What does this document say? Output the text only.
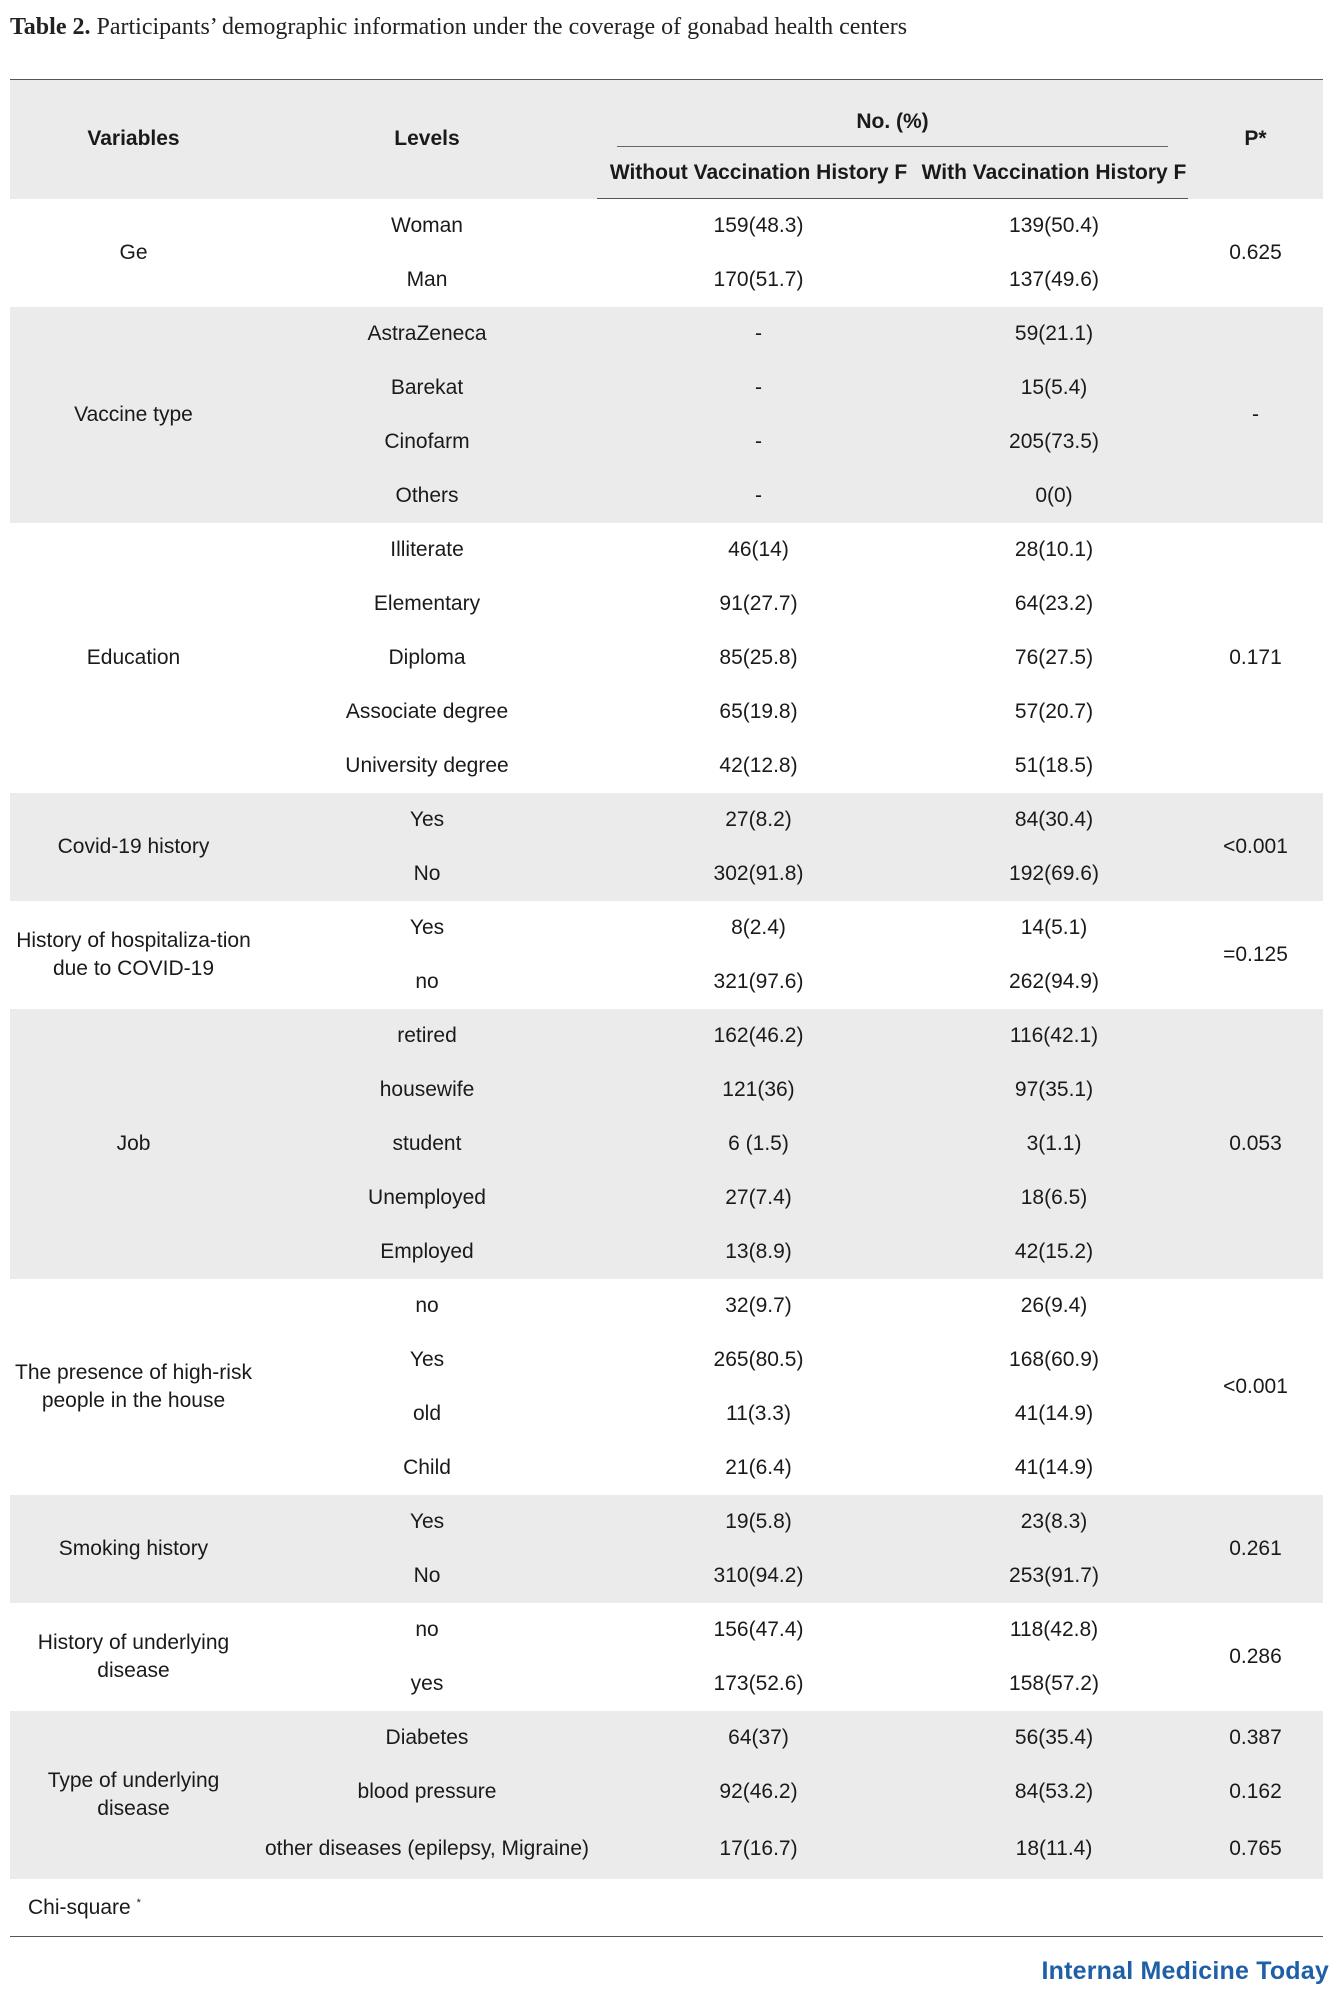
Table 2. Participants’ demographic information under the coverage of gonabad health centers
Variables	Levels	No. (%)		P*
		Without Vaccination History F	With Vaccination History F	
Ge	Woman	159(48.3)	139(50.4)	0.625
	Man	170(51.7)	137(49.6)	
Vaccine type	AstraZeneca	-	59(21.1)	-
	Barekat	-	15(5.4)	
	Cinofarm	-	205(73.5)	
	Others	-	0(0)	
Education	Illiterate	46(14)	28(10.1)	0.171
	Elementary	91(27.7)	64(23.2)	
	Diploma	85(25.8)	76(27.5)	
	Associate degree	65(19.8)	57(20.7)	
	University degree	42(12.8)	51(18.5)	
Covid-19 history	Yes	27(8.2)	84(30.4)	<0.001
	No	302(91.8)	192(69.6)	
History of hospitaliza-tion due to COVID-19	Yes	8(2.4)	14(5.1)	=0.125
	no	321(97.6)	262(94.9)	
Job	retired	162(46.2)	116(42.1)	0.053
	housewife	121(36)	97(35.1)	
	student	6 (1.5)	3(1.1)	
	Unemployed	27(7.4)	18(6.5)	
	Employed	13(8.9)	42(15.2)	
The presence of high-risk people in the house	no	32(9.7)	26(9.4)	<0.001
	Yes	265(80.5)	168(60.9)	
	old	11(3.3)	41(14.9)	
	Child	21(6.4)	41(14.9)	
Smoking history	Yes	19(5.8)	23(8.3)	0.261
	No	310(94.2)	253(91.7)	
History of underlying disease	no	156(47.4)	118(42.8)	0.286
	yes	173(52.6)	158(57.2)	
Type of underlying disease	Diabetes	64(37)	56(35.4)	0.387
	blood pressure	92(46.2)	84(53.2)	0.162
	other diseases (epilepsy, Migraine)	17(16.7)	18(11.4)	0.765
Chi-square *
Internal Medicine Today
